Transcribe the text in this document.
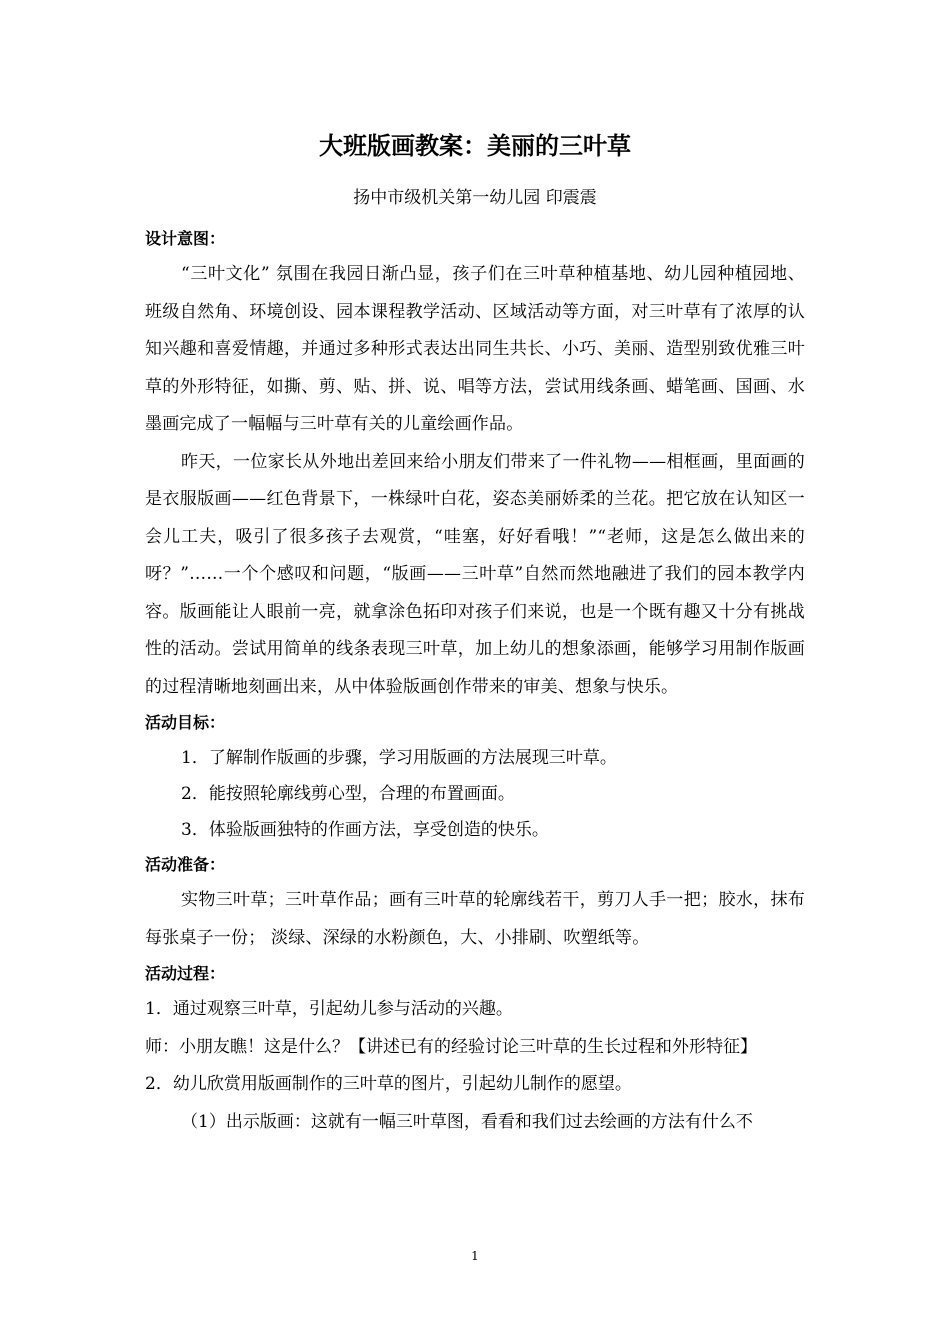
大班版画教案：美丽的三叶草
扬中市级机关第一幼儿园 印震震
设计意图：

“三叶文化” 氛围在我园日渐凸显，孩子们在三叶草种植基地、幼儿园种植园地、班级自然角、环境创设、园本课程教学活动、区域活动等方面，对三叶草有了浓厚的认知兴趣和喜爱情趣，并通过多种形式表达出同生共长、小巧、美丽、造型别致优雅三叶草的外形特征，如撕、剪、贴、拼、说、唱等方法，尝试用线条画、蜡笔画、国画、水墨画完成了一幅幅与三叶草有关的儿童绘画作品。

昨天，一位家长从外地出差回来给小朋友们带来了一件礼物——相框画，里面画的是衣服版画——红色背景下，一株绿叶白花，姿态美丽娇柔的兰花。把它放在认知区一会儿工夫，吸引了很多孩子去观赏，“哇塞，好好看哦！”“老师，这是怎么做出来的呀？”……一个个感叹和问题，“版画——三叶草”自然而然地融进了我们的园本教学内容。版画能让人眼前一亮，就拿涂色拓印对孩子们来说，也是一个既有趣又十分有挑战性的活动。尝试用简单的线条表现三叶草，加上幼儿的想象添画，能够学习用制作版画的过程清晰地刻画出来，从中体验版画创作带来的审美、想象与快乐。

活动目标：
1．了解制作版画的步骤，学习用版画的方法展现三叶草。
2．能按照轮廓线剪心型，合理的布置画面。
3．体验版画独特的作画方法，享受创造的快乐。
活动准备：

实物三叶草；三叶草作品；画有三叶草的轮廓线若干，剪刀人手一把；胶水，抹布每张桌子一份； 淡绿、深绿的水粉颜色，大、小排刷、吹塑纸等。

活动过程：

1．通过观察三叶草，引起幼儿参与活动的兴趣。

师：小朋友瞧！这是什么？【讲述已有的经验讨论三叶草的生长过程和外形特征】

2．幼儿欣赏用版画制作的三叶草的图片，引起幼儿制作的愿望。

（1）出示版画：这就有一幅三叶草图，看看和我们过去绘画的方法有什么不

1
